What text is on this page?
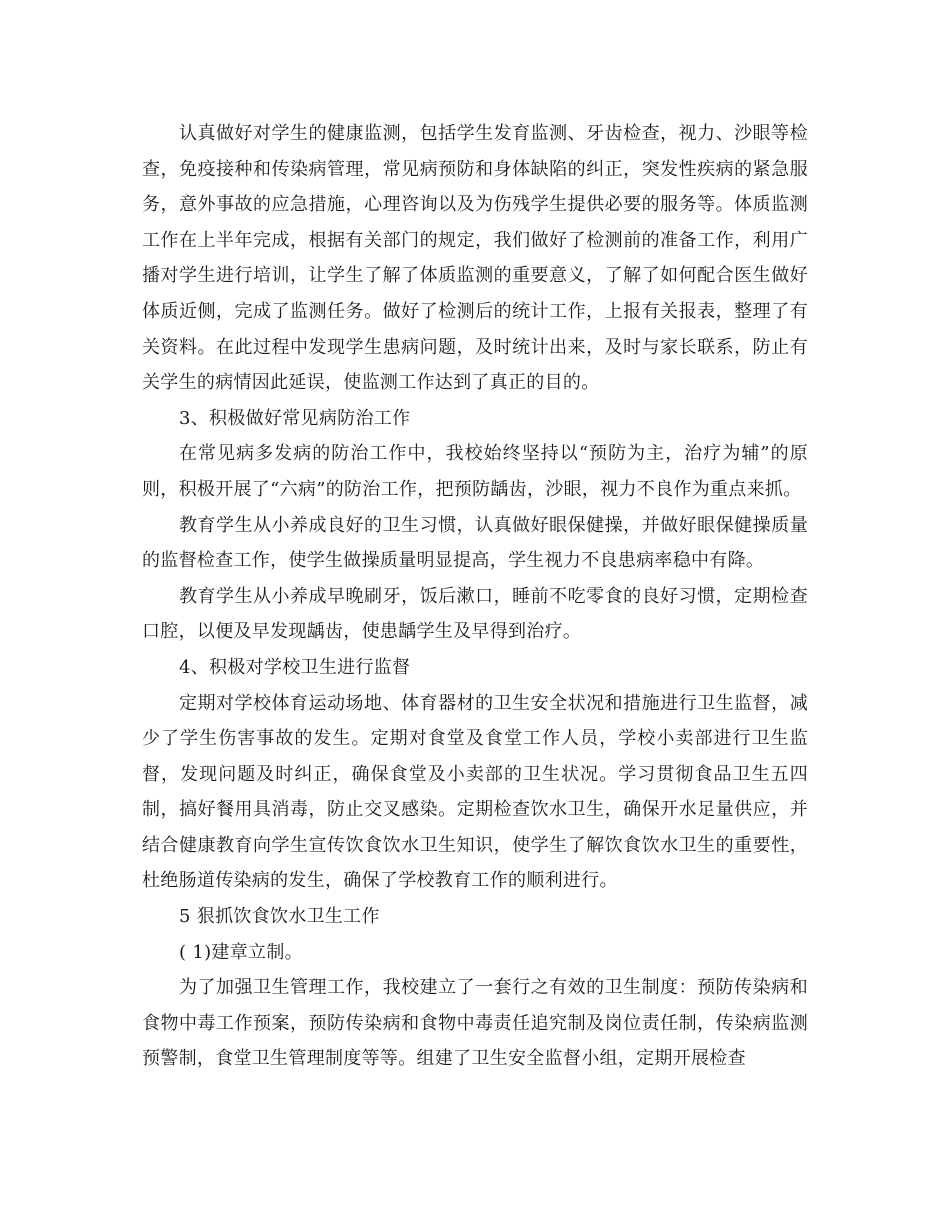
认真做好对学生的健康监测，包括学生发育监测、牙齿检查，视力、沙眼等检查，免疫接种和传染病管理，常见病预防和身体缺陷的纠正，突发性疾病的紧急服务，意外事故的应急措施，心理咨询以及为伤残学生提供必要的服务等。体质监测工作在上半年完成，根据有关部门的规定，我们做好了检测前的准备工作，利用广播对学生进行培训，让学生了解了体质监测的重要意义，了解了如何配合医生做好体质近侧，完成了监测任务。做好了检测后的统计工作，上报有关报表，整理了有关资料。在此过程中发现学生患病问题，及时统计出来，及时与家长联系，防止有关学生的病情因此延误，使监测工作达到了真正的目的。

3、积极做好常见病防治工作

在常见病多发病的防治工作中，我校始终坚持以“预防为主，治疗为辅”的原则，积极开展了“六病”的防治工作，把预防龋齿，沙眼，视力不良作为重点来抓。

教育学生从小养成良好的卫生习惯，认真做好眼保健操，并做好眼保健操质量的监督检查工作，使学生做操质量明显提高，学生视力不良患病率稳中有降。

教育学生从小养成早晚刷牙，饭后漱口，睡前不吃零食的良好习惯，定期检查口腔，以便及早发现龋齿，使患龋学生及早得到治疗。

4、积极对学校卫生进行监督

定期对学校体育运动场地、体育器材的卫生安全状况和措施进行卫生监督，减少了学生伤害事故的发生。定期对食堂及食堂工作人员，学校小卖部进行卫生监督，发现问题及时纠正，确保食堂及小卖部的卫生状况。学习贯彻食品卫生五四制，搞好餐用具消毒，防止交叉感染。定期检查饮水卫生，确保开水足量供应，并结合健康教育向学生宣传饮食饮水卫生知识，使学生了解饮食饮水卫生的重要性，杜绝肠道传染病的发生，确保了学校教育工作的顺利进行。

5 狠抓饮食饮水卫生工作

( 1)建章立制。

为了加强卫生管理工作，我校建立了一套行之有效的卫生制度：预防传染病和食物中毒工作预案，预防传染病和食物中毒责任追究制及岗位责任制，传染病监测预警制，食堂卫生管理制度等等。组建了卫生安全监督小组，定期开展检查
